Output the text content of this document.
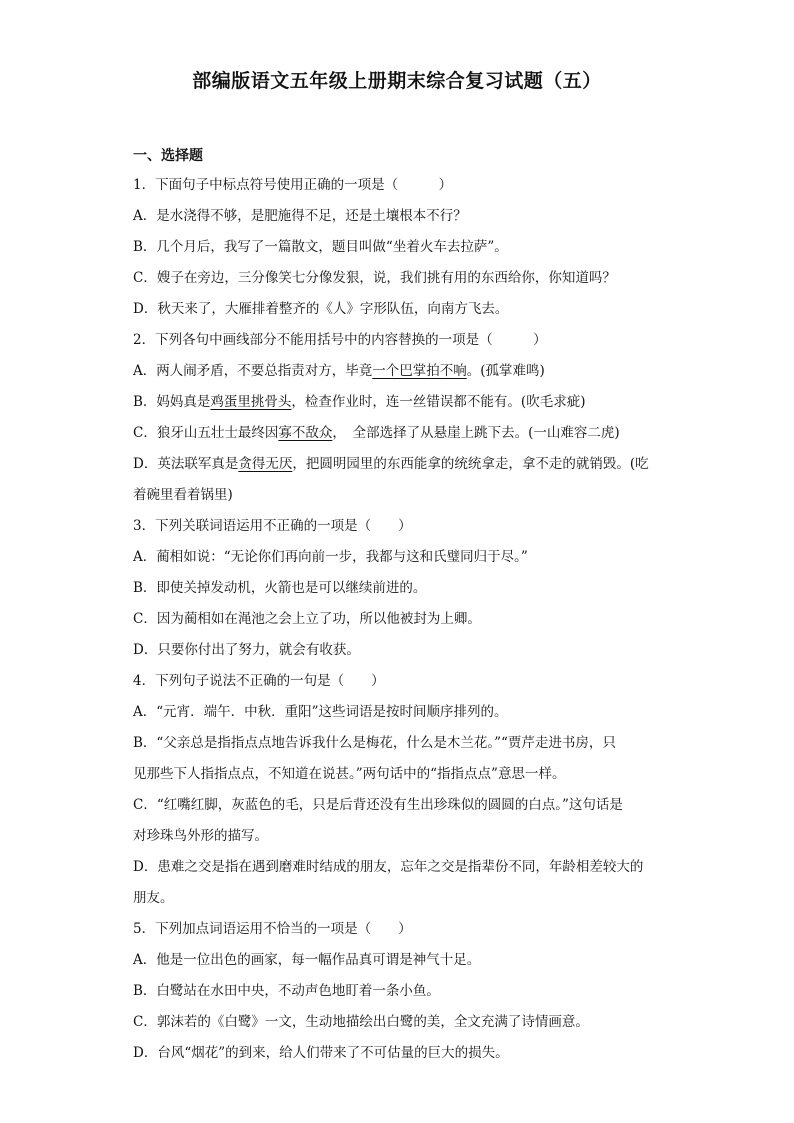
部编版语文五年级上册期末综合复习试题（五）
一、选择题
1．下面句子中标点符号使用正确的一项是（　　　）
A．是水浇得不够，是肥施得不足，还是土壤根本不行？
B．几个月后，我写了一篇散文，题目叫做“坐着火车去拉萨”。
C．嫂子在旁边，三分像笑七分像发狠，说，我们挑有用的东西给你，你知道吗？
D．秋天来了，大雁排着整齐的《人》字形队伍，向南方飞去。
2．下列各句中画线部分不能用括号中的内容替换的一项是（　　　）
A．两人闹矛盾，不要总指责对方，毕竟一个巴掌拍不响。(孤掌难鸣)
B．妈妈真是鸡蛋里挑骨头，检查作业时，连一丝错误都不能有。(吹毛求疵)
C．狼牙山五壮士最终因寡不敌众，　全部选择了从悬崖上跳下去。(一山难容二虎)
D．英法联军真是贪得无厌，把圆明园里的东西能拿的统统拿走，拿不走的就销毁。(吃
着碗里看着锅里)
3．下列关联词语运用不正确的一项是（　　）
A．蔺相如说：“无论你们再向前一步，我都与这和氏璧同归于尽。”
B．即使关掉发动机，火箭也是可以继续前进的。
C．因为蔺相如在渑池之会上立了功，所以他被封为上卿。
D．只要你付出了努力，就会有收获。
4．下列句子说法不正确的一句是（　　）
A．“元宵．端午．中秋．重阳”这些词语是按时间顺序排列的。
B．“父亲总是指指点点地告诉我什么是梅花，什么是木兰花。”“贾芹走进书房，只
见那些下人指指点点，不知道在说甚。”两句话中的“指指点点”意思一样。
C．“红嘴红脚，灰蓝色的毛，只是后背还没有生出珍珠似的圆圆的白点。”这句话是
对珍珠鸟外形的描写。
D．患难之交是指在遇到磨难时结成的朋友，忘年之交是指辈份不同，年龄相差较大的
朋友。
5．下列加点词语运用不恰当的一项是（　　）
A．他是一位出色的画家，每一幅作品真可谓是神气十足。
B．白鹭站在水田中央，不动声色地盯着一条小鱼。
C．郭沫若的《白鹭》一文，生动地描绘出白鹭的美，全文充满了诗情画意。
D．台风“烟花”的到来，给人们带来了不可估量的巨大的损失。
